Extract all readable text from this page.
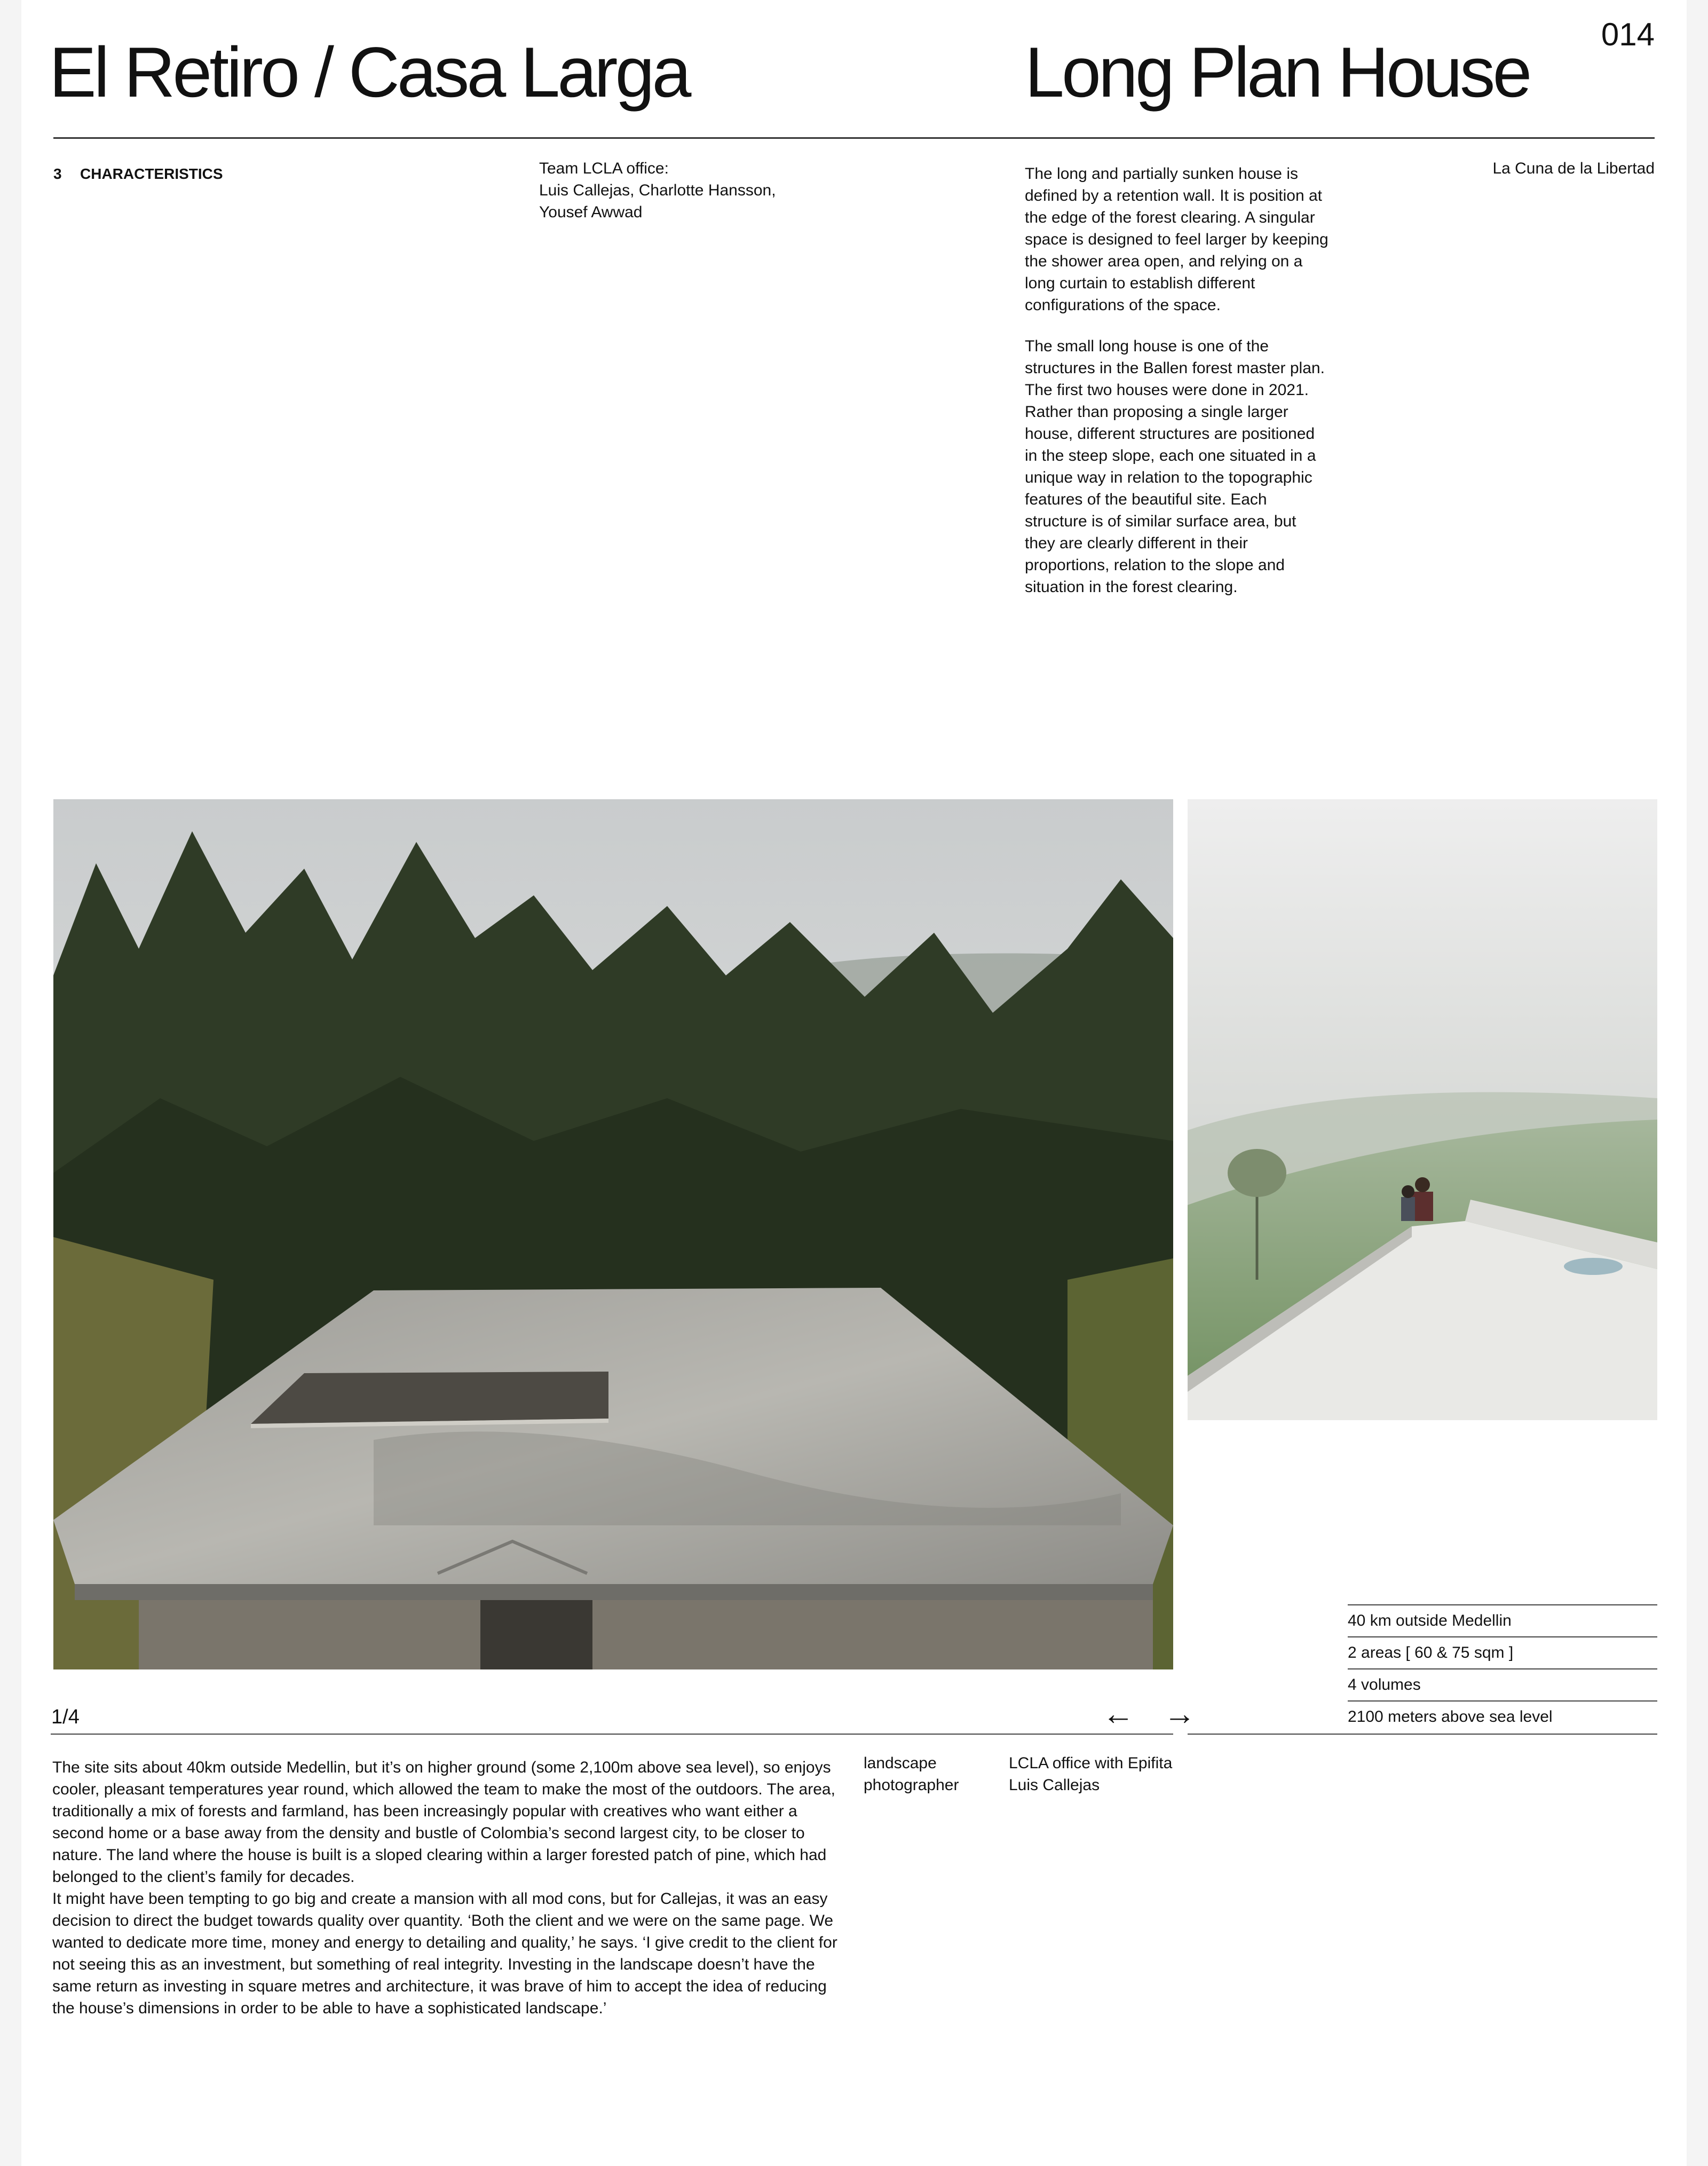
El Retiro / Casa Larga	Long Plan House 014
3 CHARACTERISTICS	Team LCLA office:
Luis Callejas, Charlotte Hansson, Yousef Awwad

The long and partially sunken house is defined by a retention wall. It is position at the edge of the forest clearing. A singular space is designed to feel larger by keeping the shower area open, and relying on a long curtain to establish different configurations of the space.

The small long house is one of the structures in the Ballen forest master plan. The first two houses were done in 2021. Rather than proposing a single larger house, different structures are positioned in the steep slope, each one situated in a unique way in relation to the topographic features of the beautiful site. Each structure is of similar surface area, but they are clearly different in their proportions, relation to the slope and situation in the forest clearing.

La Cuna de la Libertad
1/4	← →
40 km outside Medellin
2 areas [ 60 & 75 sqm ]
4 volumes
2100 meters above sea level
The site sits about 40km outside Medellin, but it’s on higher ground (some 2,100m above sea level), so enjoys cooler, pleasant temperatures year round, which allowed the team to make the most of the outdoors. The area, traditionally a mix of forests and farmland, has been increasingly popular with creatives who want either a second home or a base away from the density and bustle of Colombia’s second largest city, to be closer to nature. The land where the house is built is a sloped clearing within a larger forested patch of pine, which had belonged to the client’s family for decades.
It might have been tempting to go big and create a mansion with all mod cons, but for Callejas, it was an easy decision to direct the budget towards quality over quantity. ‘Both the client and we were on the same page. We wanted to dedicate more time, money and energy to detailing and quality,’ he says. ‘I give credit to the client for not seeing this as an investment, but something of real integrity. Investing in the landscape doesn’t have the same return as investing in square metres and architecture, it was brave of him to accept the idea of reducing the house’s dimensions in order to be able to have a sophisticated landscape.’
landscape photographer
LCLA office with Epifita Luis Callejas
